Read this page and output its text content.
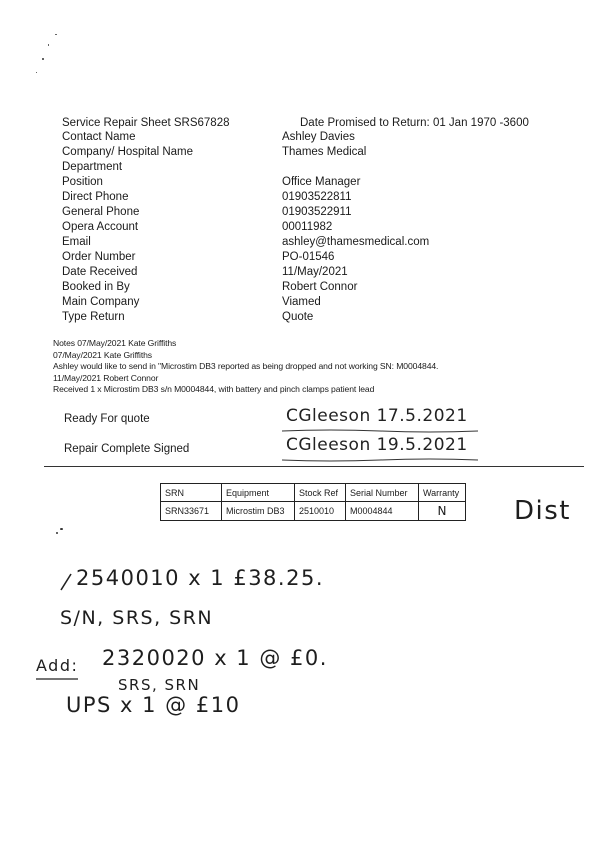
Service Repair Sheet SRS67828	Date Promised to Return: 01 Jan 1970 -3600
Contact Name	Ashley Davies
Company/ Hospital Name	Thames Medical
Department
Position	Office Manager
Direct Phone	01903522811
General Phone	01903522911
Opera Account	00011982
Email	ashley@thamesmedical.com
Order Number	PO-01546
Date Received	11/May/2021
Booked in By	Robert Connor
Main Company	Viamed
Type Return	Quote
Notes 07/May/2021 Kate Griffiths
07/May/2021 Kate Griffiths
Ashley would like to send in "Microstim DB3 reported as being dropped and not working SN: M0004844.
11/May/2021 Robert Connor
Received 1 x Microstim DB3 s/n M0004844, with battery and pinch clamps patient lead
Ready For quote	CGleeson 17.5.2021
Repair Complete Signed	CGleeson 19.5.2021
SRN	Equipment	Stock Ref	Serial Number	Warranty
SRN33671	Microstim DB3	2510010	M0004844	N	Dist
2540010 x 1 £38.25.
S/N, SRS, SRN
Add: 2320020 x 1 @ £0.
SRS, SRN
UPS x 1 @ £10
